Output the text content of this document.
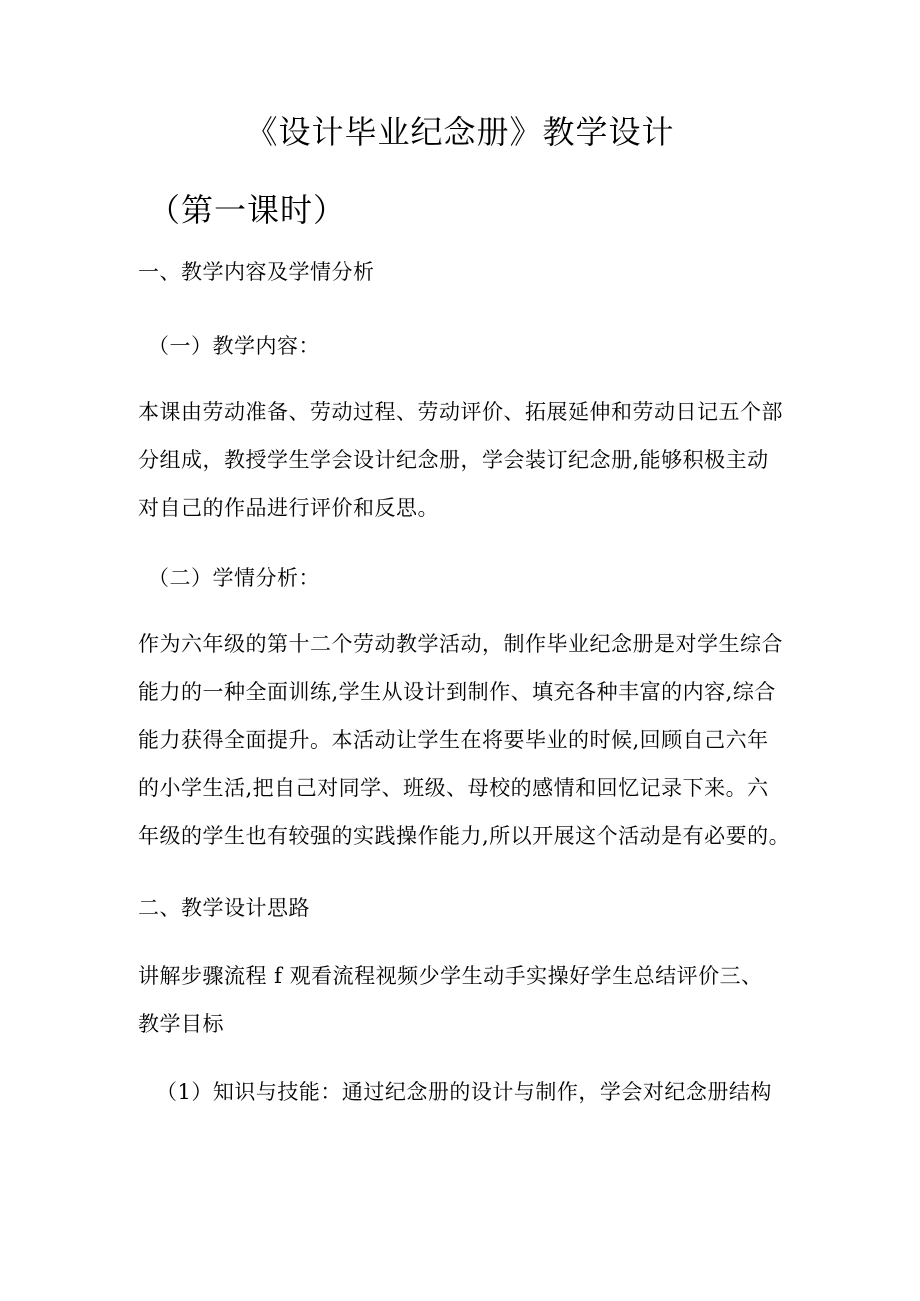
《设计毕业纪念册》教学设计
（第一课时）
一、教学内容及学情分析
（一）教学内容：
本课由劳动准备、劳动过程、劳动评价、拓展延伸和劳动日记五个部
分组成，教授学生学会设计纪念册，学会装订纪念册,能够积极主动
对自己的作品进行评价和反思。
（二）学情分析：
作为六年级的第十二个劳动教学活动，制作毕业纪念册是对学生综合
能力的一种全面训练,学生从设计到制作、填充各种丰富的内容,综合
能力获得全面提升。本活动让学生在将要毕业的时候,回顾自己六年
的小学生活,把自己对同学、班级、母校的感情和回忆记录下来。六
年级的学生也有较强的实践操作能力,所以开展这个活动是有必要的。
二、教学设计思路
讲解步骤流程 f 观看流程视频少学生动手实操好学生总结评价三、
教学目标
（1）知识与技能：通过纪念册的设计与制作，学会对纪念册结构
